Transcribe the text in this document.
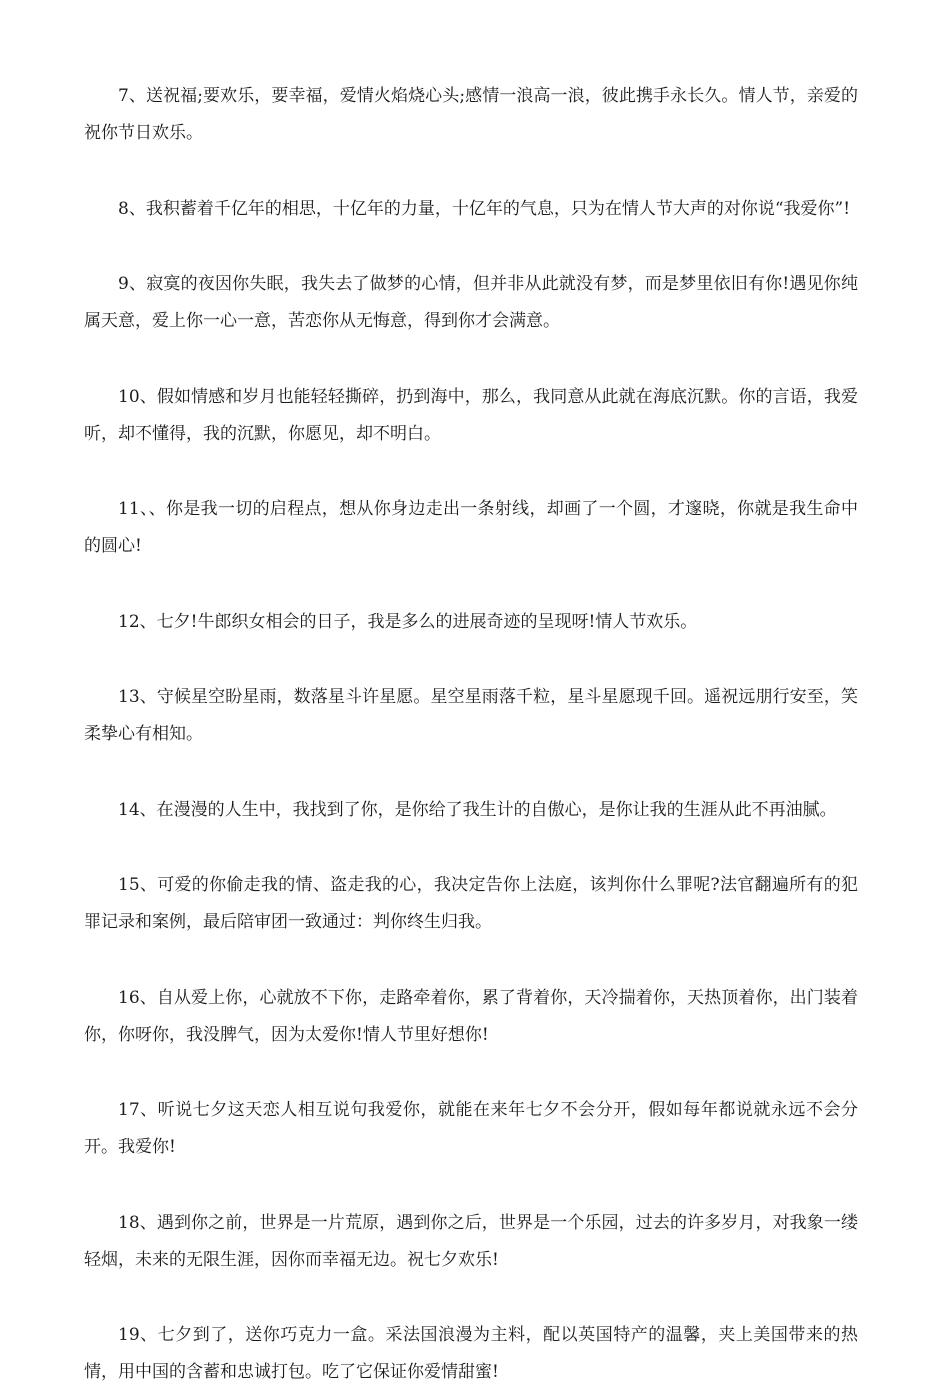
7、送祝福;要欢乐，要幸福，爱情火焰烧心头;感情一浪高一浪，彼此携手永长久。情人节，亲爱的祝你节日欢乐。

8、我积蓄着千亿年的相思，十亿年的力量，十亿年的气息，只为在情人节大声的对你说“我爱你”!

9、寂寞的夜因你失眠，我失去了做梦的心情，但并非从此就没有梦，而是梦里依旧有你!遇见你纯属天意，爱上你一心一意，苦恋你从无悔意，得到你才会满意。

10、假如情感和岁月也能轻轻撕碎，扔到海中，那么，我同意从此就在海底沉默。你的言语，我爱听，却不懂得，我的沉默，你愿见，却不明白。

11、、你是我一切的启程点，想从你身边走出一条射线，却画了一个圆，才邃晓，你就是我生命中的圆心!

12、七夕!牛郎织女相会的日子，我是多么的进展奇迹的呈现呀!情人节欢乐。

13、守候星空盼星雨，数落星斗许星愿。星空星雨落千粒，星斗星愿现千回。遥祝远朋行安至，笑柔挚心有相知。

14、在漫漫的人生中，我找到了你，是你给了我生计的自傲心，是你让我的生涯从此不再油腻。

15、可爱的你偷走我的情、盗走我的心，我决定告你上法庭，该判你什么罪呢?法官翻遍所有的犯罪记录和案例，最后陪审团一致通过：判你终生归我。

16、自从爱上你，心就放不下你，走路牵着你，累了背着你，天冷揣着你，天热顶着你，出门装着你，你呀你，我没脾气，因为太爱你!情人节里好想你!

17、听说七夕这天恋人相互说句我爱你，就能在来年七夕不会分开，假如每年都说就永远不会分开。我爱你!

18、遇到你之前，世界是一片荒原，遇到你之后，世界是一个乐园，过去的许多岁月，对我象一缕轻烟，未来的无限生涯，因你而幸福无边。祝七夕欢乐!

19、七夕到了，送你巧克力一盒。采法国浪漫为主料，配以英国特产的温馨，夹上美国带来的热情，用中国的含蓄和忠诚打包。吃了它保证你爱情甜蜜!
